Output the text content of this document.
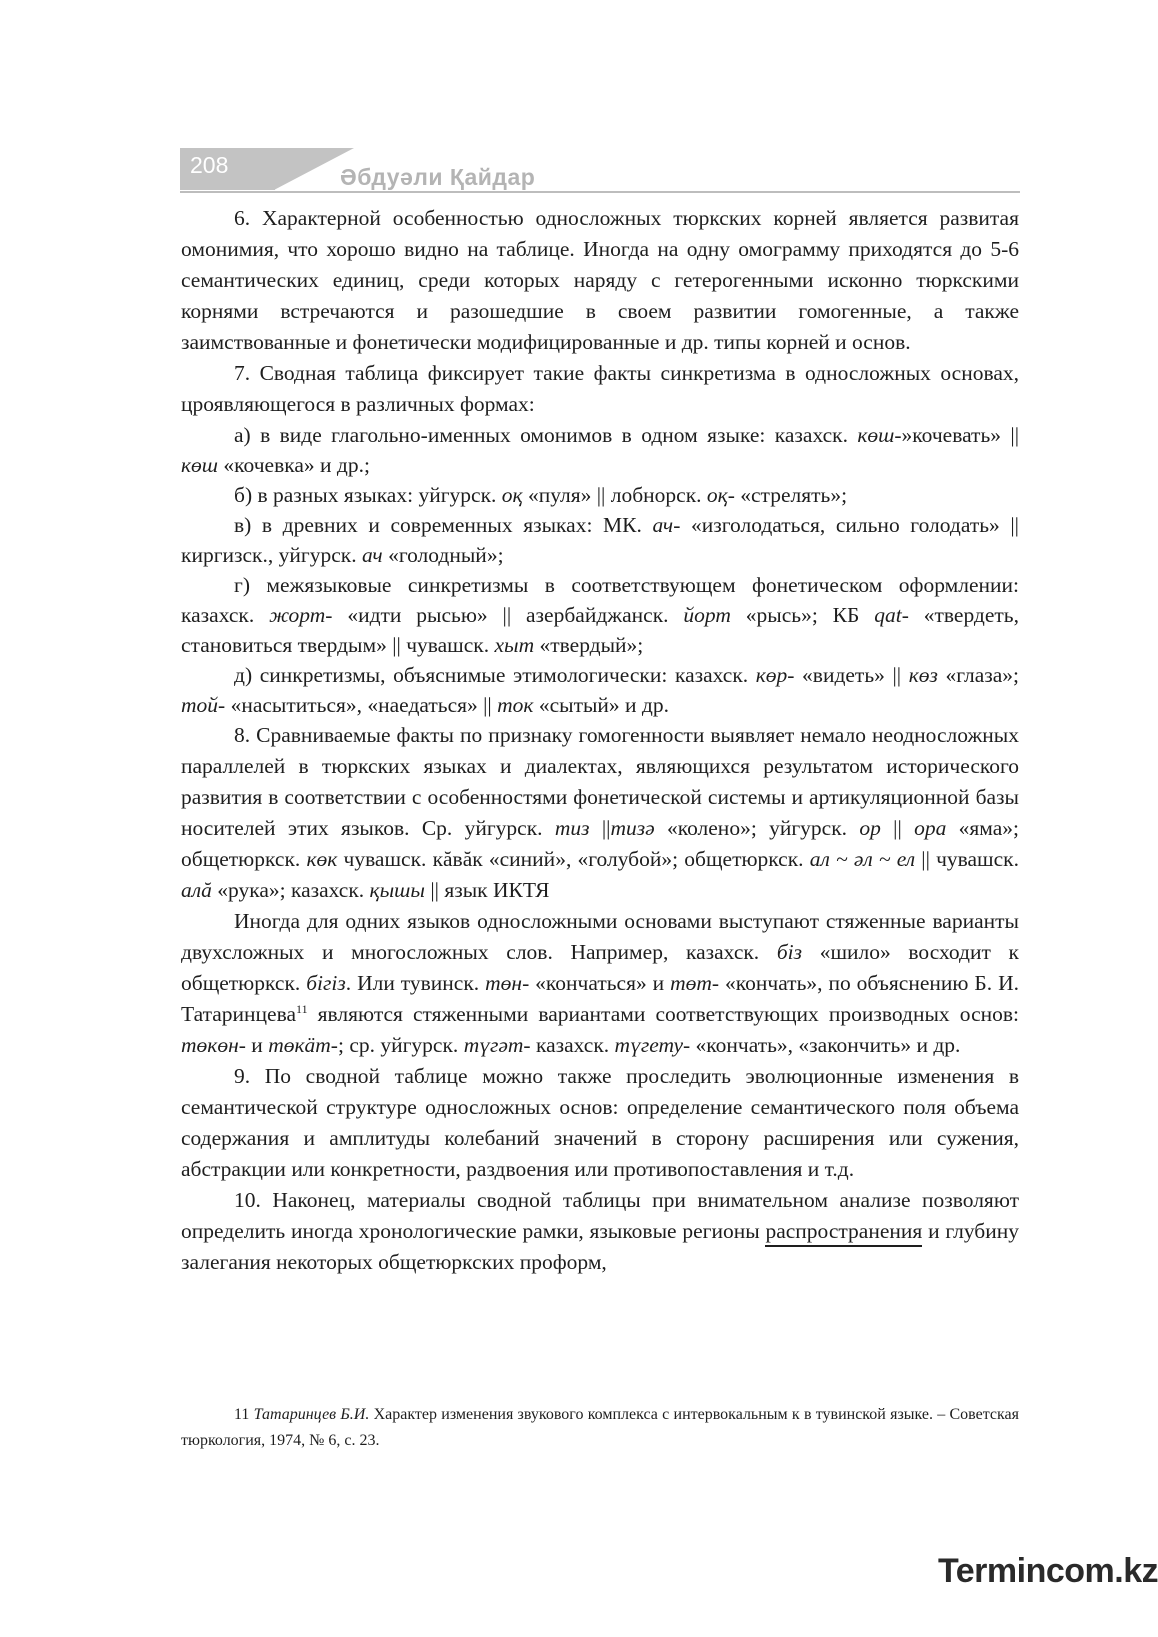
208	Әбдуәли Қайдар

6. Характерной особенностью односложных тюркских корней является развитая омонимия, что хорошо видно на таблице. Иногда на одну омограмму приходятся до 5-6 семантических единиц, среди которых наряду с гетерогенными исконно тюркскими корнями встречаются и разошедшие в своем развитии гомогенные, а также заимствованные и фонетически модифицированные и др. типы корней и основ.

7. Сводная таблица фиксирует такие факты синкретизма в односложных основах, цроявляющегося в различных формах:

а) в виде глагольно-именных омонимов в одном языке: казахск. көш-»кочевать» || көш «кочевка» и др.;

б) в разных языках: уйгурск. оқ «пуля» || лобнорск. оқ- «стрелять»;

в) в древних и современных языках: МК. ач- «изголодаться, сильно голодать» || киргизск., уйгурск. ач «голодный»;

г) межязыковые синкретизмы в соответствующем фонетическом оформлении: казахск. жорт- «идти рысью» || азербайджанск. йорт «рысь»; КБ qat- «твердеть, становиться твердым» || чувашск. хыт «твердый»;

д) синкретизмы, объяснимые этимологически: казахск. көр- «видеть» || көз «глаза»; той- «насытиться», «наедаться» || ток «сытый» и др.

8. Сравниваемые факты по признаку гомогенности выявляет немало неодносложных параллелей в тюркских языках и диалектах, являющихся результатом исторического развития в соответствии с особенностями фонетической системы и артикуляционной базы носителей этих языков. Ср. уйгурск. тиз ||тизә «колено»; уйгурск. ор || ора «яма»; общетюркск. көк чувашск. кăвăк «синий», «голубой»; общетюркск. ал ~ әл ~ ел || чувашск. алă «рука»; казахск. қышы || язык ИКТЯ

Иногда для одних языков односложными основами выступают стяженные варианты двухсложных и многосложных слов. Например, казахск. біз «шило» восходит к общетюркск. бігіз. Или тувинск. төн- «кончаться» и төт- «кончать», по объяснению Б. И. Татаринцева$^{11}$ являются стяженными вариантами соответствующих производных основ: төкөн- и төкäт-; ср. уйгурск. түгәт- казахск. түгету- «кончать», «закончить» и др.

9. По сводной таблице можно также проследить эволюционные изменения в семантической структуре односложных основ: определение семантического поля объема содержания и амплитуды колебаний значений в сторону расширения или сужения, абстракции или конкретности, раздвоения или противопоставления и т.д.

10. Наконец, материалы сводной таблицы при внимательном анализе позволяют определить иногда хронологические рамки, языковые регионы распространения и глубину залегания некоторых общетюркских проформ,

11 Татаринцев Б.И. Характер изменения звукового комплекса с интервокальным к в тувинской языке. – Советская тюркология, 1974, № 6, с. 23.
Termincom.kz
